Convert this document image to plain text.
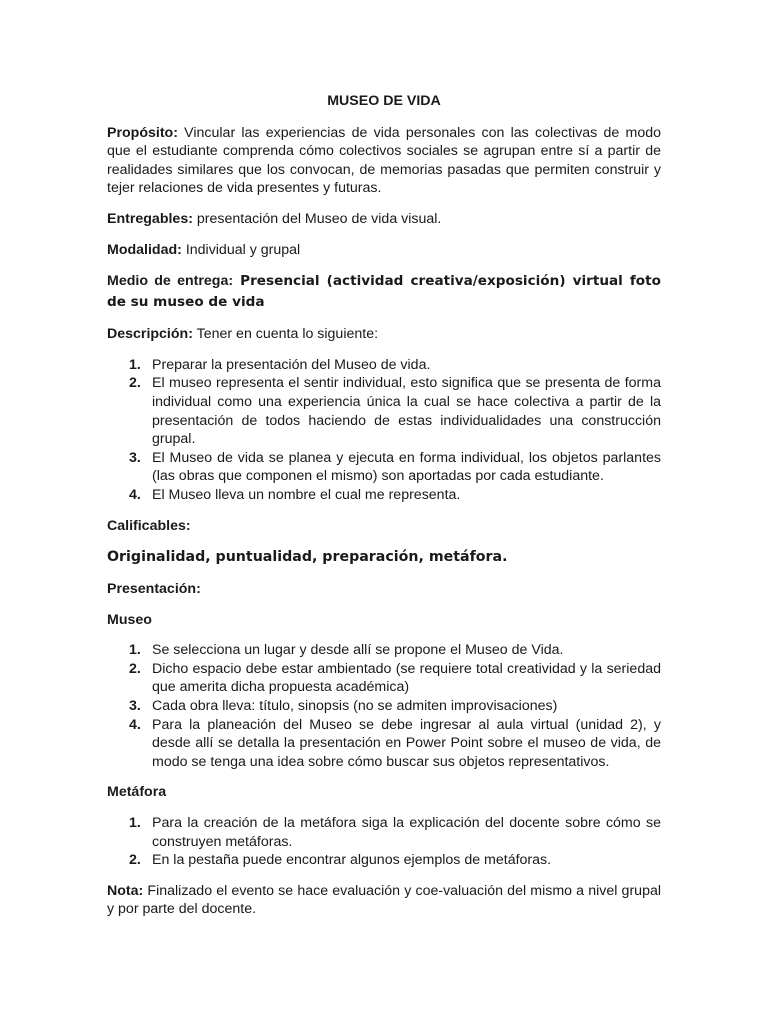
MUSEO DE VIDA

Propósito: Vincular las experiencias de vida personales con las colectivas de modo que el estudiante comprenda cómo colectivos sociales se agrupan entre sí a partir de realidades similares que los convocan, de memorias pasadas que permiten construir y tejer relaciones de vida presentes y futuras.

Entregables: presentación del Museo de vida visual.

Modalidad: Individual y grupal

Medio de entrega: Presencial (actividad creativa/exposición) virtual foto de su museo de vida

Descripción: Tener en cuenta lo siguiente:

1. Preparar la presentación del Museo de vida.
2. El museo representa el sentir individual, esto significa que se presenta de forma individual como una experiencia única la cual se hace colectiva a partir de la presentación de todos haciendo de estas individualidades una construcción grupal.
3. El Museo de vida se planea y ejecuta en forma individual, los objetos parlantes (las obras que componen el mismo) son aportadas por cada estudiante.
4. El Museo lleva un nombre el cual me representa.

Calificables:

Originalidad, puntualidad, preparación, metáfora.

Presentación:

Museo

1. Se selecciona un lugar y desde allí se propone el Museo de Vida.
2. Dicho espacio debe estar ambientado (se requiere total creatividad y la seriedad que amerita dicha propuesta académica)
3. Cada obra lleva: título, sinopsis (no se admiten improvisaciones)
4. Para la planeación del Museo se debe ingresar al aula virtual (unidad 2), y desde allí se detalla la presentación en Power Point sobre el museo de vida, de modo se tenga una idea sobre cómo buscar sus objetos representativos.

Metáfora

1. Para la creación de la metáfora siga la explicación del docente sobre cómo se construyen metáforas.
2. En la pestaña puede encontrar algunos ejemplos de metáforas.

Nota: Finalizado el evento se hace evaluación y coe-valuación del mismo a nivel grupal y por parte del docente.
